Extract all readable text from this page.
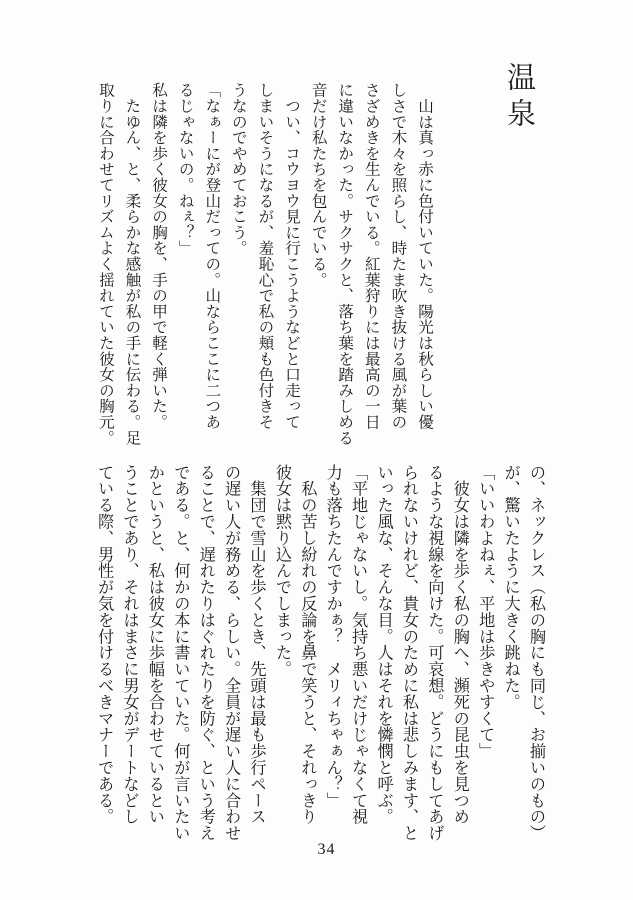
温泉
　山は真っ赤に色付いていた。陽光は秋らしい優
しさで木々を照らし、時たま吹き抜ける風が葉の
さざめきを生んでいる。紅葉狩りには最高の一日
に違いなかった。サクサクと、落ち葉を踏みしめる
音だけ私たちを包んでいる。
　つい、コウヨウ見に行こうようなどと口走って
しまいそうになるが、羞恥心で私の頬も色付きそ
うなのでやめておこう。
「なぁーにが登山だっての。山ならここに二つあ
るじゃないの。ねぇ？」
私は隣を歩く彼女の胸を、手の甲で軽く弾いた。
　たゆん、と、柔らかな感触が私の手に伝わる。足
取りに合わせてリズムよく揺れていた彼女の胸元。
の、ネックレス（私の胸にも同じ、お揃いのもの）
が、驚いたように大きく跳ねた。
「いいわよねぇ、平地は歩きやすくて」
　彼女は隣を歩く私の胸へ、瀕死の昆虫を見つめ
るような視線を向けた。可哀想。どうにもしてあげ
られないけれど、貴女のために私は悲しみます、と
いった風な、そんな目。人はそれを憐憫と呼ぶ。
「平地じゃないし。気持ち悪いだけじゃなくて視
力も落ちたんですかぁ？　メリィちゃぁん？」
　私の苦し紛れの反論を鼻で笑うと、それっきり
彼女は黙り込んでしまった。
　集団で雪山を歩くとき、先頭は最も歩行ペース
の遅い人が務める、らしい。全員が遅い人に合わせ
ることで、遅れたりはぐれたりを防ぐ、という考え
である。と、何かの本に書いていた。何が言いたい
かというと、私は彼女に歩幅を合わせているとい
うことであり、それはまさに男女がデートなどし
ている際、男性が気を付けるべきマナーである。
34
